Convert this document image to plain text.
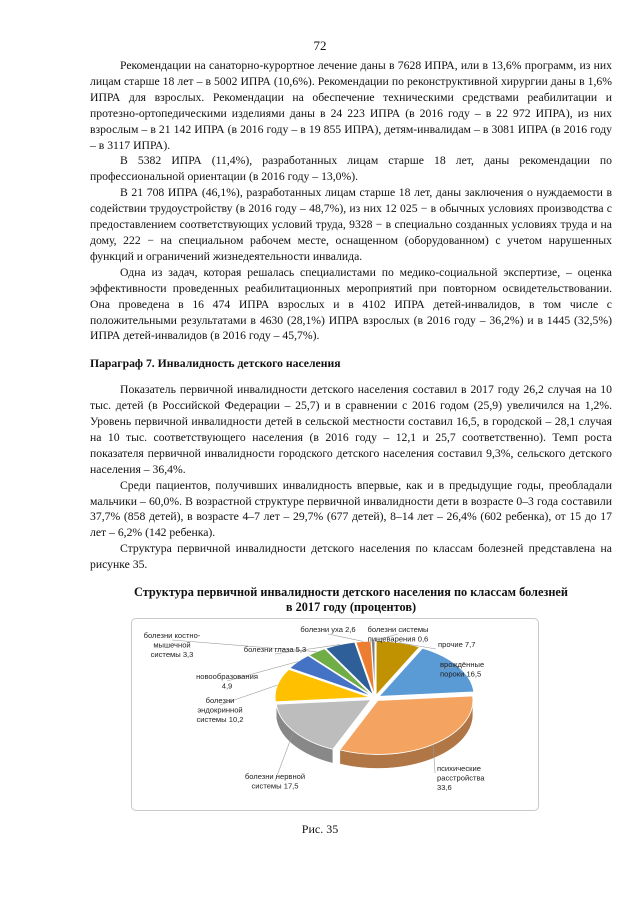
72

Рекомендации на санаторно-курортное лечение даны в 7628 ИПРА, или в 13,6% программ, из них лицам старше 18 лет – в 5002 ИПРА (10,6%). Рекомендации по реконструктивной хирургии даны в 1,6% ИПРА для взрослых. Рекомендации на обеспечение техническими средствами реабилитации и протезно-ортопедическими изделиями даны в 24 223 ИПРА (в 2016 году – в 22 972 ИПРА), из них взрослым – в 21 142 ИПРА (в 2016 году – в 19 855 ИПРА), детям-инвалидам – в 3081 ИПРА (в 2016 году – в 3117 ИПРА).

В 5382 ИПРА (11,4%), разработанных лицам старше 18 лет, даны рекомендации по профессиональной ориентации (в 2016 году – 13,0%).

В 21 708 ИПРА (46,1%), разработанных лицам старше 18 лет, даны заключения о нуждаемости в содействии трудоустройству (в 2016 году – 48,7%), из них 12 025 − в обычных условиях производства с предоставлением соответствующих условий труда, 9328 − в специально созданных условиях труда и на дому, 222 − на специальном рабочем месте, оснащенном (оборудованном) с учетом нарушенных функций и ограничений жизнедеятельности инвалида.

Одна из задач, которая решалась специалистами по медико-социальной экспертизе, – оценка эффективности проведенных реабилитационных мероприятий при повторном освидетельствовании. Она проведена в 16 474 ИПРА взрослых и в 4102 ИПРА детей-инвалидов, в том числе с положительными результатами в 4630 (28,1%) ИПРА взрослых (в 2016 году – 36,2%) и в 1445 (32,5%) ИПРА детей-инвалидов (в 2016 году – 45,7%).

Параграф 7. Инвалидность детского населения

Показатель первичной инвалидности детского населения составил в 2017 году 26,2 случая на 10 тыс. детей (в Российской Федерации – 25,7) и в сравнении с 2016 годом (25,9) увеличился на 1,2%. Уровень первичной инвалидности детей в сельской местности составил 16,5, в городской – 28,1 случая на 10 тыс. соответствующего населения (в 2016 году – 12,1 и 25,7 соответственно). Темп роста показателя первичной инвалидности городского детского населения составил 9,3%, сельского детского населения – 36,4%.

Среди пациентов, получивших инвалидность впервые, как и в предыдущие годы, преобладали мальчики – 60,0%. В возрастной структуре первичной инвалидности дети в возрасте 0–3 года составили 37,7% (858 детей), в возрасте 4–7 лет – 29,7% (677 детей), 8–14 лет – 26,4% (602 ребенка), от 15 до 17 лет – 6,2% (142 ребенка).

Структура первичной инвалидности детского населения по классам болезней представлена на рисунке 35.

Структура первичной инвалидности детского населения по классам болезней
в 2017 году (процентов)
прочие 7,7
врождённые пороки 16,5
психические расстройства 33,6
болезни нервной системы 17,5
болезни эндокринной системы 10,2
новообразования 4,9
болезни костно-мышечной системы 3,3
болезни глаза 5,3
болезни уха 2,6 болезни системы пищеварения 0,6
Рис. 35
